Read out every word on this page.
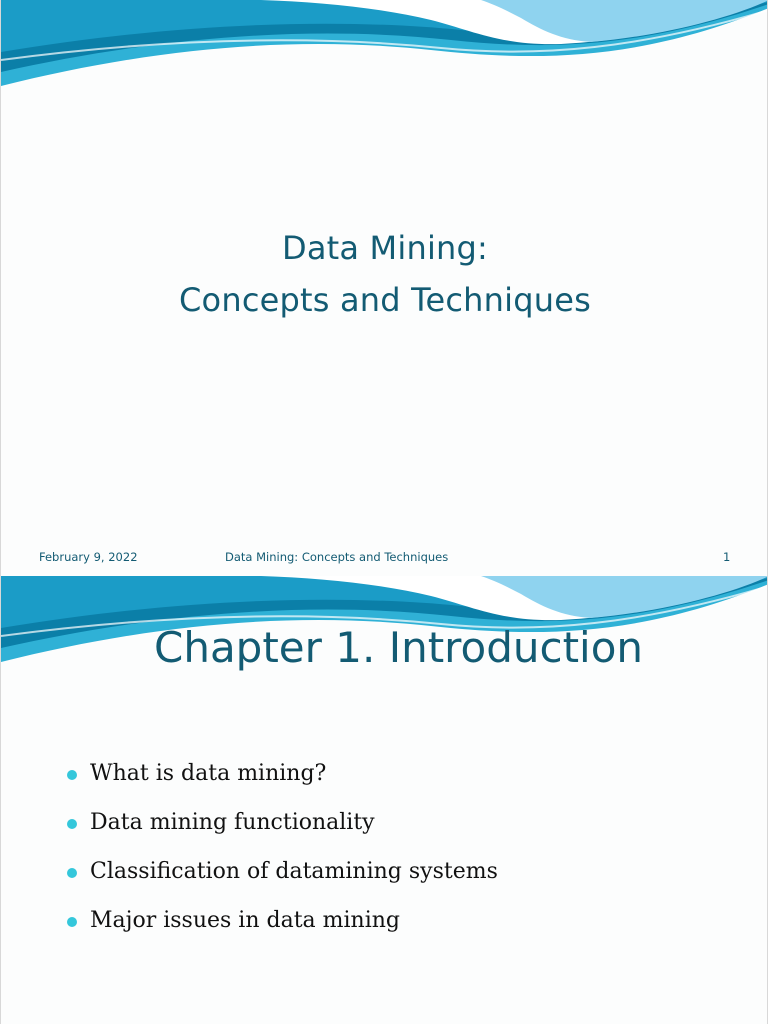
Data Mining:
Concepts and Techniques
February 9, 2022	Data Mining: Concepts and Techniques	1
Chapter 1. Introduction
What is data mining?
Data mining functionality
Classification of datamining systems
Major issues in data mining
